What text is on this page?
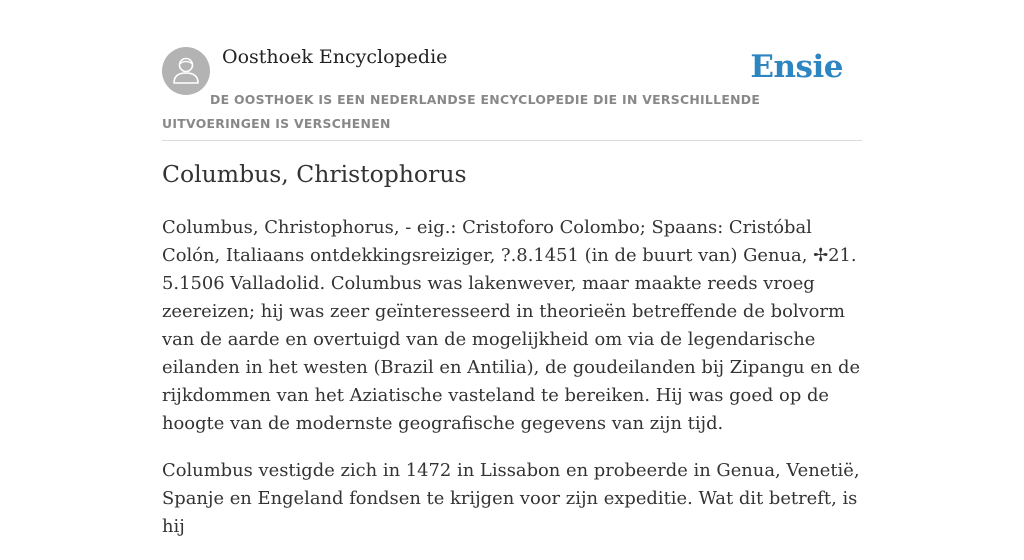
Oosthoek Encyclopedie	Ensie
DE OOSTHOEK IS EEN NEDERLANDSE ENCYCLOPEDIE DIE IN VERSCHILLENDE UITVOERINGEN IS VERSCHENEN
Columbus, Christophorus

Columbus, Christophorus, - eig.: Cristoforo Colombo; Spaans: Cristóbal Colón, Italiaans ontdekkingsreiziger, ?.8.1451 (in de buurt van) Genua, ✢21. 5.1506 Valladolid. Columbus was lakenwever, maar maakte reeds vroeg zeereizen; hij was zeer geïnteresseerd in theorieën betreffende de bolvorm van de aarde en overtuigd van de mogelijkheid om via de legendarische eilanden in het westen (Brazil en Antilia), de goudeilanden bij Zipangu en de rijkdommen van het Aziatische vasteland te bereiken. Hij was goed op de hoogte van de modernste geografische gegevens van zijn tijd.

Columbus vestigde zich in 1472 in Lissabon en probeerde in Genua, Venetië, Spanje en Engeland fondsen te krijgen voor zijn expeditie. Wat dit betreft, is hij
